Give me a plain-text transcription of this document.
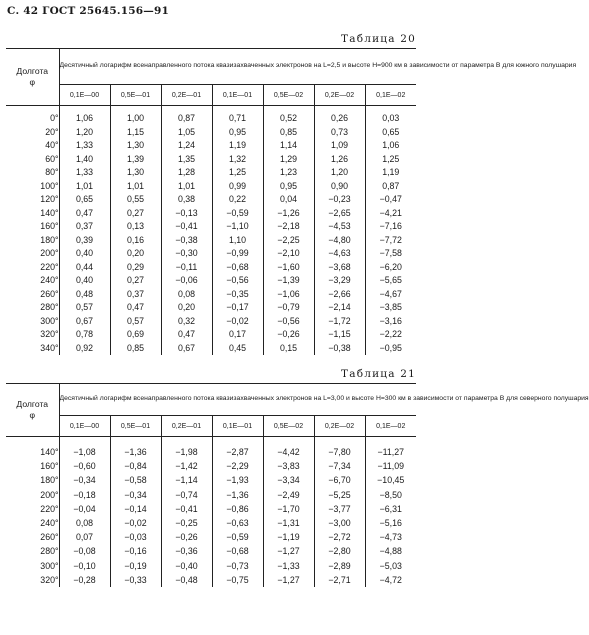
С. 42 ГОСТ 25645.156—91
Таблица 20
Долгота
φ	Десятичный логарифм всенаправленного потока квазизахваченных электронов на L=2,5 и высоте H=900 км в зависимости от параметра B для южного полушария						
	0,1E—00	0,5E—01	0,2E—01	0,1E—01	0,5E—02	0,2E—02	0,1E—02
0°	1,06	1,00	0,87	0,71	0,52	0,26	0,03
20°	1,20	1,15	1,05	0,95	0,85	0,73	0,65
40°	1,33	1,30	1,24	1,19	1,14	1,09	1,06
60°	1,40	1,39	1,35	1,32	1,29	1,26	1,25
80°	1,33	1,30	1,28	1,25	1,23	1,20	1,19
100°	1,01	1,01	1,01	0,99	0,95	0,90	0,87
120°	0,65	0,55	0,38	0,22	0,04	−0,23	−0,47
140°	0,47	0,27	−0,13	−0,59	−1,26	−2,65	−4,21
160°	0,37	0,13	−0,41	−1,10	−2,18	−4,53	−7,16
180°	0,39	0,16	−0,38	1,10	−2,25	−4,80	−7,72
200°	0,40	0,20	−0,30	−0,99	−2,10	−4,63	−7,58
220°	0,44	0,29	−0,11	−0,68	−1,60	−3,68	−6,20
240°	0,40	0,27	−0,06	−0,56	−1,39	−3,29	−5,65
260°	0,48	0,37	0,08	−0,35	−1,06	−2,66	−4,67
280°	0,57	0,47	0,20	−0,17	−0,79	−2,14	−3,85
300°	0,67	0,57	0,32	−0,02	−0,56	−1,72	−3,16
320°	0,78	0,69	0,47	0,17	−0,26	−1,15	−2,22
340°	0,92	0,85	0,67	0,45	0,15	−0,38	−0,95
Таблица 21
Долгота
φ	Десятичный логарифм всенаправленного потока квазизахваченных электронов на L=3,00 и высоте H=300 км в зависимости от параметра B для северного полушария						
	0,1E—00	0,5E—01	0,2E—01	0,1E—01	0,5E—02	0,2E—02	0,1E—02
140°	−1,08	−1,36	−1,98	−2,87	−4,42	−7,80	−11,27
160°	−0,60	−0,84	−1,42	−2,29	−3,83	−7,34	−11,09
180°	−0,34	−0,58	−1,14	−1,93	−3,34	−6,70	−10,45
200°	−0,18	−0,34	−0,74	−1,36	−2,49	−5,25	−8,50
220°	−0,04	−0,14	−0,41	−0,86	−1,70	−3,77	−6,31
240°	0,08	−0,02	−0,25	−0,63	−1,31	−3,00	−5,16
260°	0,07	−0,03	−0,26	−0,59	−1,19	−2,72	−4,73
280°	−0,08	−0,16	−0,36	−0,68	−1,27	−2,80	−4,88
300°	−0,10	−0,19	−0,40	−0,73	−1,33	−2,89	−5,03
320°	−0,28	−0,33	−0,48	−0,75	−1,27	−2,71	−4,72
